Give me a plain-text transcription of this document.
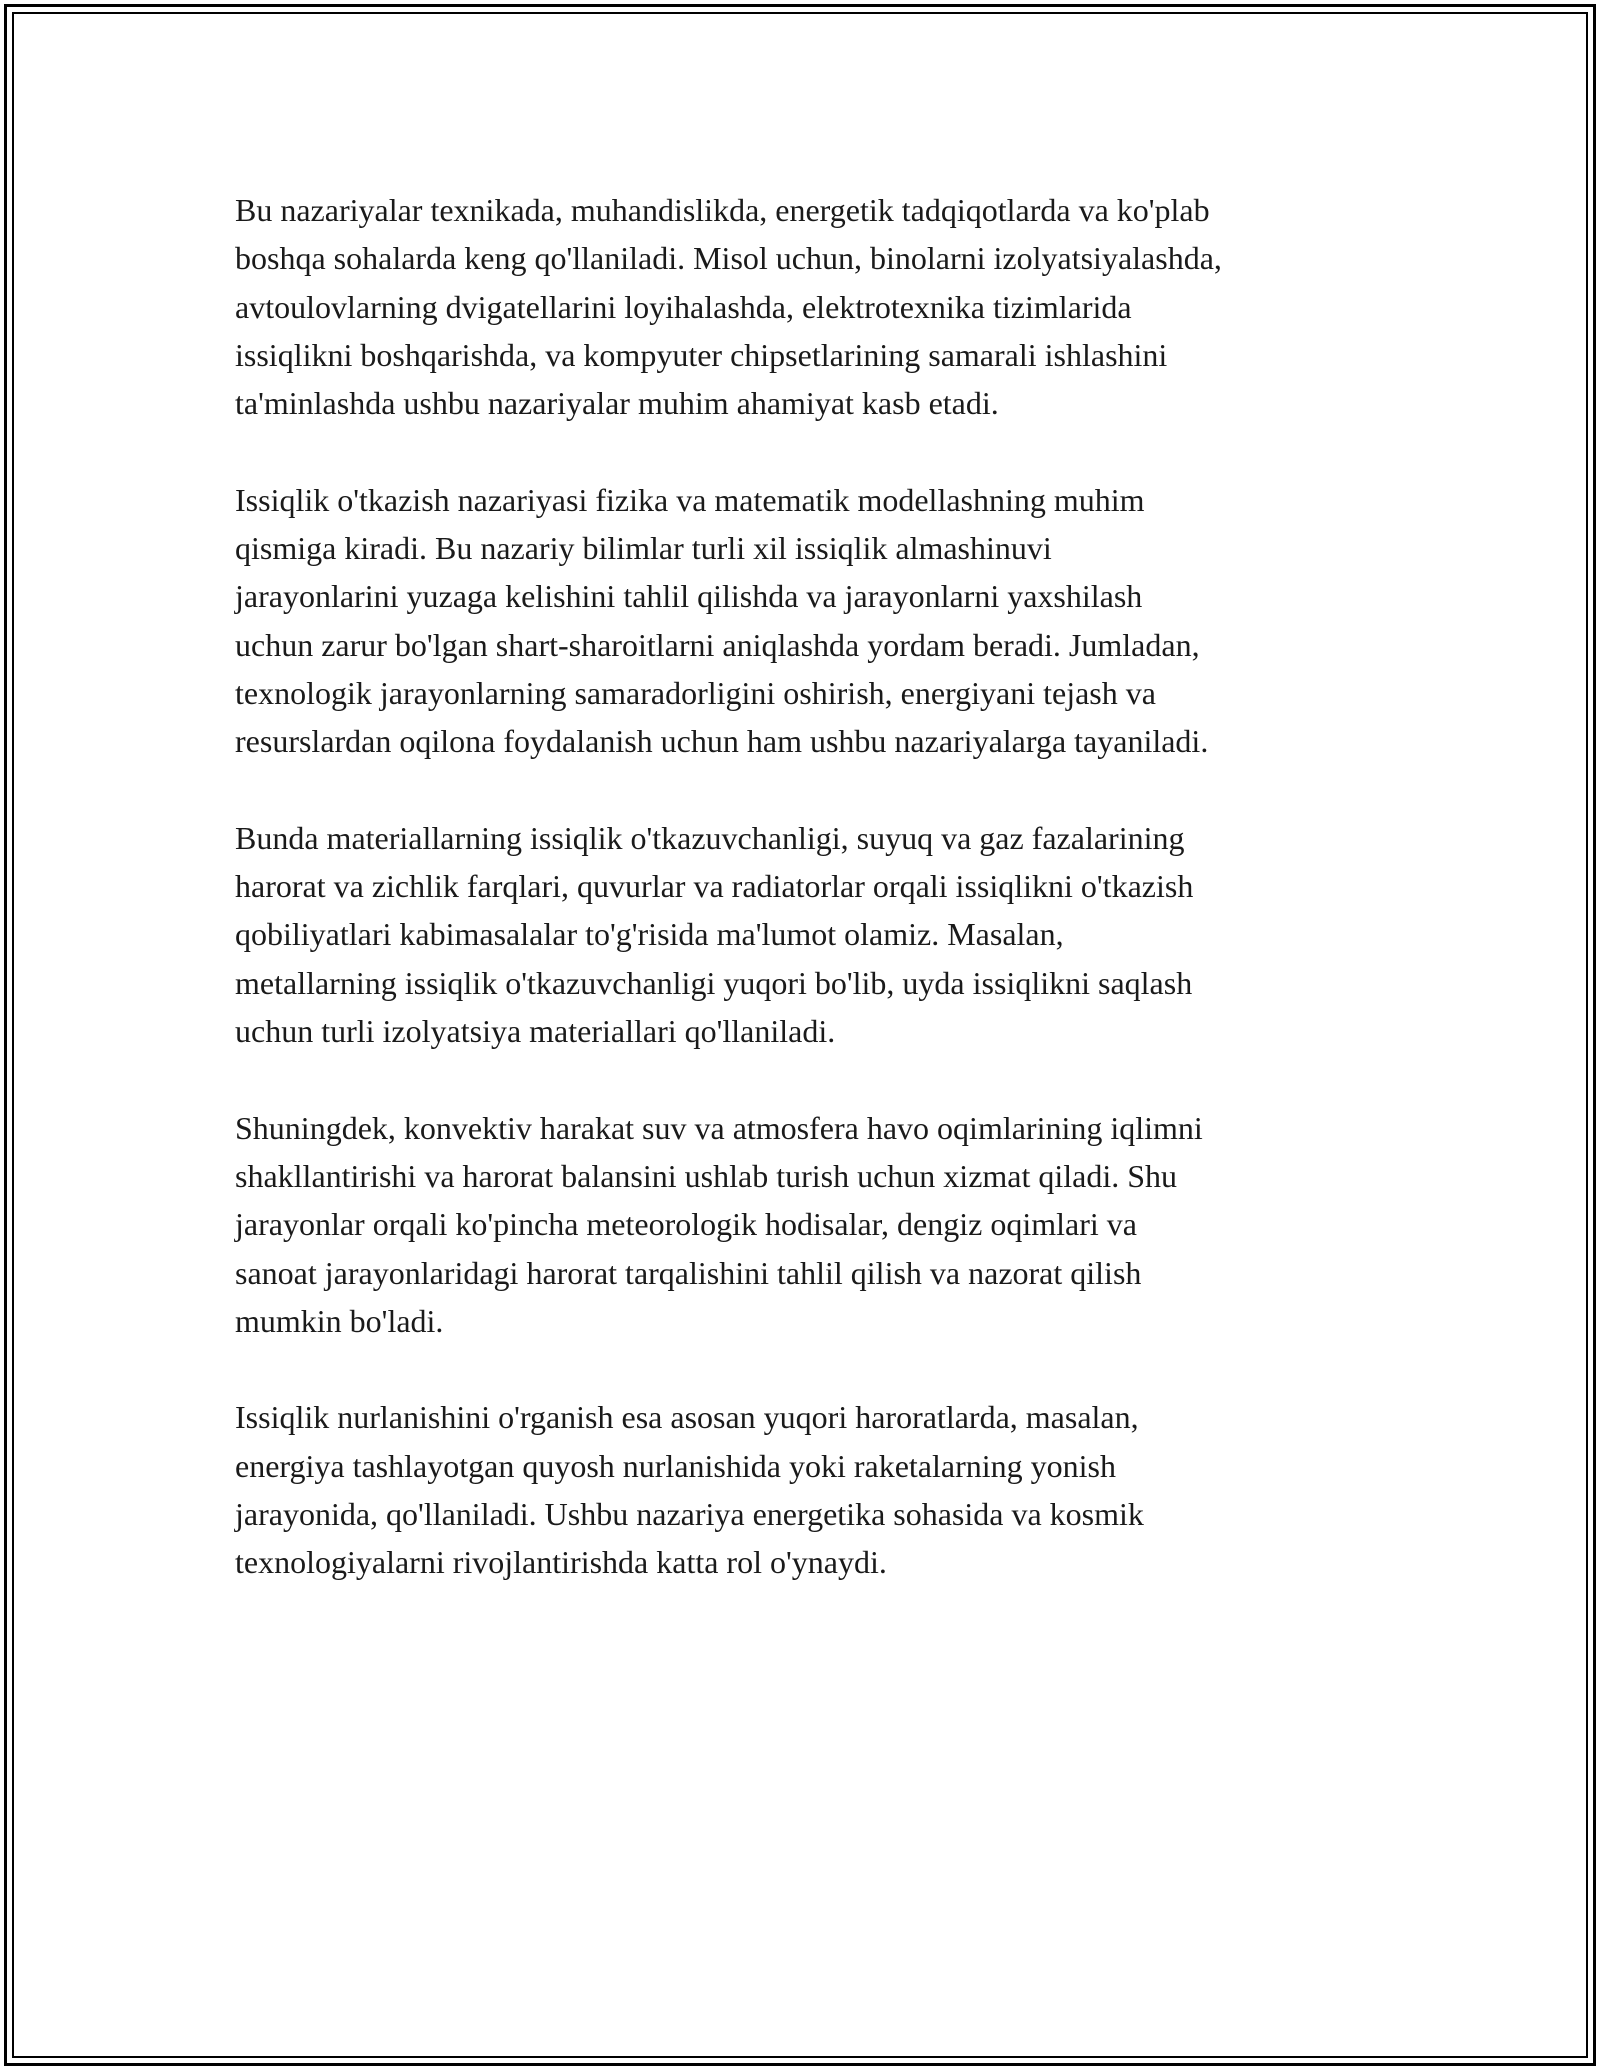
Bu nazariyalar texnikada, muhandislikda, energetik tadqiqotlarda va ko'plab
boshqa sohalarda keng qo'llaniladi. Misol uchun, binolarni izolyatsiyalashda,
avtoulovlarning dvigatellarini loyihalashda, elektrotexnika tizimlarida
issiqlikni boshqarishda, va kompyuter chipsetlarining samarali ishlashini
ta'minlashda ushbu nazariyalar muhim ahamiyat kasb etadi.

Issiqlik o'tkazish nazariyasi fizika va matematik modellashning muhim
qismiga kiradi. Bu nazariy bilimlar turli xil issiqlik almashinuvi
jarayonlarini yuzaga kelishini tahlil qilishda va jarayonlarni yaxshilash
uchun zarur bo'lgan shart-sharoitlarni aniqlashda yordam beradi. Jumladan,
texnologik jarayonlarning samaradorligini oshirish, energiyani tejash va
resurslardan oqilona foydalanish uchun ham ushbu nazariyalarga tayaniladi.

Bunda materiallarning issiqlik o'tkazuvchanligi, suyuq va gaz fazalarining
harorat va zichlik farqlari, quvurlar va radiatorlar orqali issiqlikni o'tkazish
qobiliyatlari kabimasalalar to'g'risida ma'lumot olamiz. Masalan,
metallarning issiqlik o'tkazuvchanligi yuqori bo'lib, uyda issiqlikni saqlash
uchun turli izolyatsiya materiallari qo'llaniladi.

Shuningdek, konvektiv harakat suv va atmosfera havo oqimlarining iqlimni
shakllantirishi va harorat balansini ushlab turish uchun xizmat qiladi. Shu
jarayonlar orqali ko'pincha meteorologik hodisalar, dengiz oqimlari va
sanoat jarayonlaridagi harorat tarqalishini tahlil qilish va nazorat qilish
mumkin bo'ladi.

Issiqlik nurlanishini o'rganish esa asosan yuqori haroratlarda, masalan,
energiya tashlayotgan quyosh nurlanishida yoki raketalarning yonish
jarayonida, qo'llaniladi. Ushbu nazariya energetika sohasida va kosmik
texnologiyalarni rivojlantirishda katta rol o'ynaydi.
